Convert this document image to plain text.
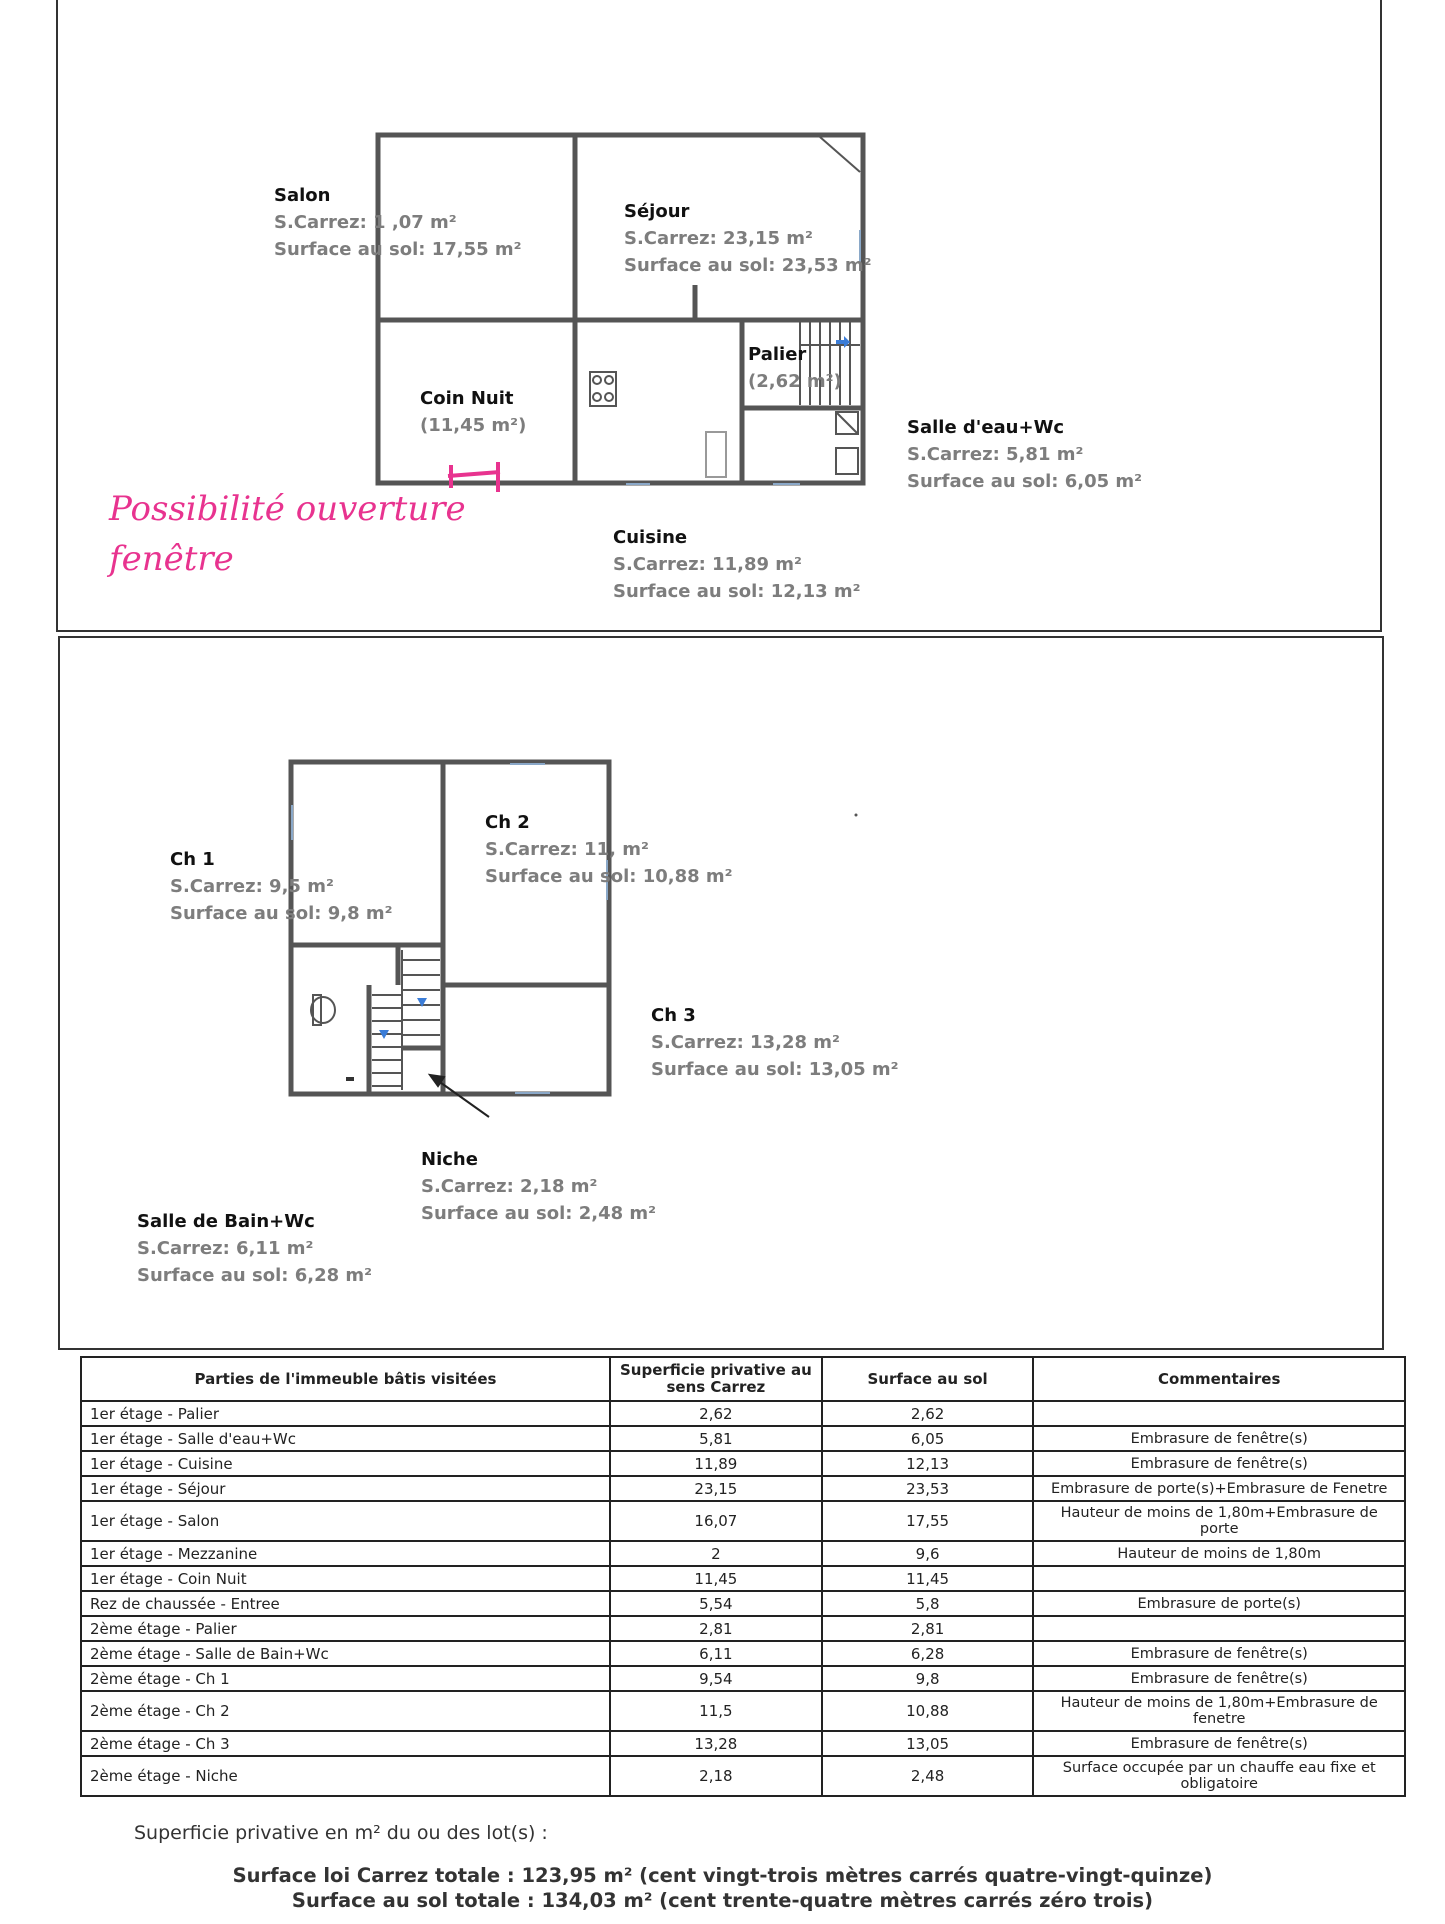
Salon
S.Carrez: 1 ,07 m²
Surface au sol: 17,55 m²
Séjour
S.Carrez: 23,15 m²
Surface au sol: 23,53 m²
Palier
(2,62 m²)
Coin Nuit
(11,45 m²)	Salle d'eau+Wc
S.Carrez: 5,81 m²
Surface au sol: 6,05 m²
Cuisine
S.Carrez: 11,89 m²
Surface au sol: 12,13 m²
Possibilité ouverture
fenêtre
Ch 1
S.Carrez: 9,5 m²
Surface au sol: 9,8 m²
Ch 2
S.Carrez: 11, m²
Surface au sol: 10,88 m²
Ch 3
S.Carrez: 13,28 m²
Surface au sol: 13,05 m²
Niche
S.Carrez: 2,18 m²
Surface au sol: 2,48 m²
Salle de Bain+Wc
S.Carrez: 6,11 m²
Surface au sol: 6,28 m²
Parties de l'immeuble bâtis visitées	Superficie privative au sens Carrez	Surface au sol	Commentaires
1er étage - Palier	2,62	2,62	
1er étage - Salle d'eau+Wc	5,81	6,05	Embrasure de fenêtre(s)
1er étage - Cuisine	11,89	12,13	Embrasure de fenêtre(s)
1er étage - Séjour	23,15	23,53	Embrasure de porte(s)+Embrasure de Fenetre
1er étage - Salon	16,07	17,55	Hauteur de moins de 1,80m+Embrasure de porte
1er étage - Mezzanine	2	9,6	Hauteur de moins de 1,80m
1er étage - Coin Nuit	11,45	11,45	
Rez de chaussée - Entree	5,54	5,8	Embrasure de porte(s)
2ème étage - Palier	2,81	2,81	
2ème étage - Salle de Bain+Wc	6,11	6,28	Embrasure de fenêtre(s)
2ème étage - Ch 1	9,54	9,8	Embrasure de fenêtre(s)
2ème étage - Ch 2	11,5	10,88	Hauteur de moins de 1,80m+Embrasure de fenetre
2ème étage - Ch 3	13,28	13,05	Embrasure de fenêtre(s)
2ème étage - Niche	2,18	2,48	Surface occupée par un chauffe eau fixe et obligatoire
Superficie privative en m² du ou des lot(s) :
Surface loi Carrez totale : 123,95 m² (cent vingt-trois mètres carrés quatre-vingt-quinze)
Surface au sol totale : 134,03 m² (cent trente-quatre mètres carrés zéro trois)
